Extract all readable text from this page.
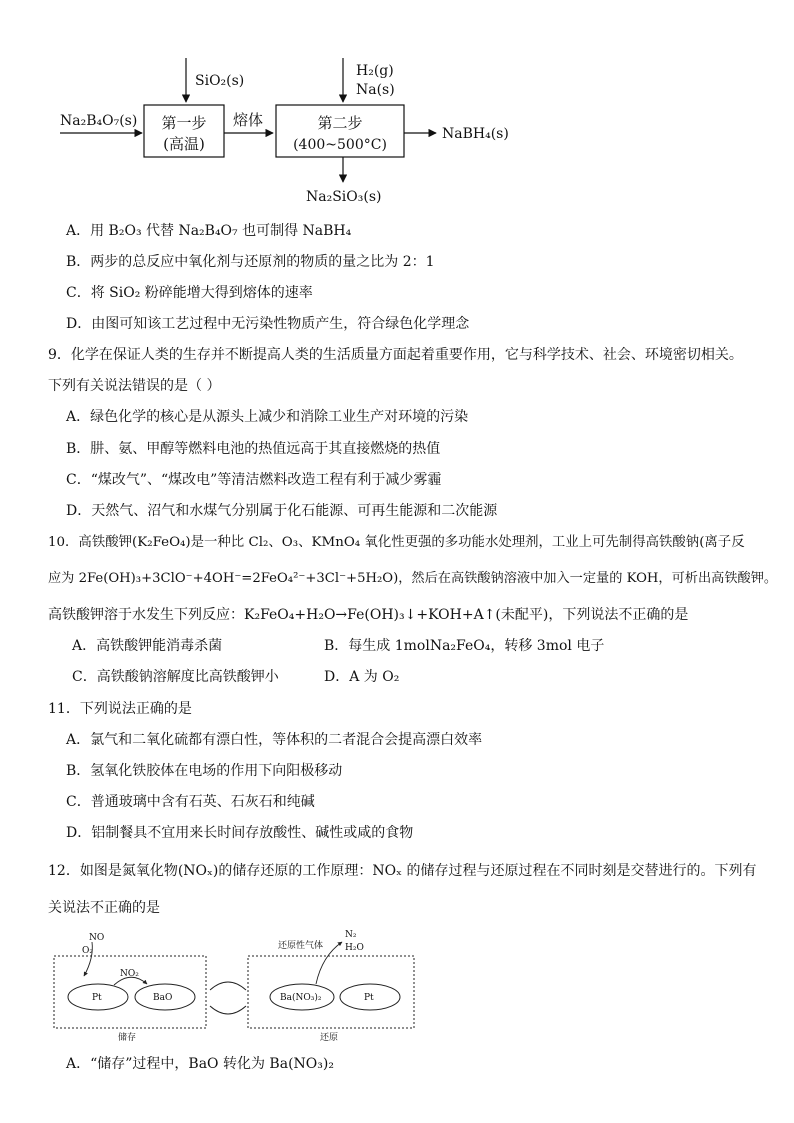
Na₂B₄O₇(s)
SiO₂(s)
第一步
(高温)
熔体
H₂(g)
Na(s)
第二步
(400~500°C)
NaBH₄(s)
Na₂SiO₃(s)
A．用 B₂O₃ 代替 Na₂B₄O₇ 也可制得 NaBH₄
B．两步的总反应中氧化剂与还原剂的物质的量之比为 2：1
C．将 SiO₂ 粉碎能增大得到熔体的速率
D．由图可知该工艺过程中无污染性物质产生，符合绿色化学理念
9．化学在保证人类的生存并不断提高人类的生活质量方面起着重要作用，它与科学技术、社会、环境密切相关。
下列有关说法错误的是（ ）
A．绿色化学的核心是从源头上减少和消除工业生产对环境的污染
B．肼、氨、甲醇等燃料电池的热值远高于其直接燃烧的热值
C．“煤改气”、“煤改电”等清洁燃料改造工程有利于减少雾霾
D．天然气、沼气和水煤气分别属于化石能源、可再生能源和二次能源
10．高铁酸钾(K₂FeO₄)是一种比 Cl₂、O₃、KMnO₄ 氧化性更强的多功能水处理剂，工业上可先制得高铁酸钠(离子反
应为 2Fe(OH)₃+3ClO⁻+4OH⁻=2FeO₄²⁻+3Cl⁻+5H₂O)，然后在高铁酸钠溶液中加入一定量的 KOH，可析出高铁酸钾。
高铁酸钾溶于水发生下列反应：K₂FeO₄+H₂O→Fe(OH)₃↓+KOH+A↑(未配平)，下列说法不正确的是
A．高铁酸钾能消毒杀菌	B．每生成 1molNa₂FeO₄，转移 3mol 电子
C．高铁酸钠溶解度比高铁酸钾小	D．A 为 O₂
11．下列说法正确的是
A．氯气和二氧化硫都有漂白性，等体积的二者混合会提高漂白效率
B．氢氧化铁胶体在电场的作用下向阳极移动
C．普通玻璃中含有石英、石灰石和纯碱
D．铝制餐具不宜用来长时间存放酸性、碱性或咸的食物
12．如图是氮氧化物(NOₓ)的储存还原的工作原理：NOₓ 的储存过程与还原过程在不同时刻是交替进行的。下列有
关说法不正确的是
NO
O₂
Pt	BaO
NO₂
储存
还原性气体
N₂
H₂O
Ba(NO₃)₂	Pt
还原
A．“储存”过程中，BaO 转化为 Ba(NO₃)₂
